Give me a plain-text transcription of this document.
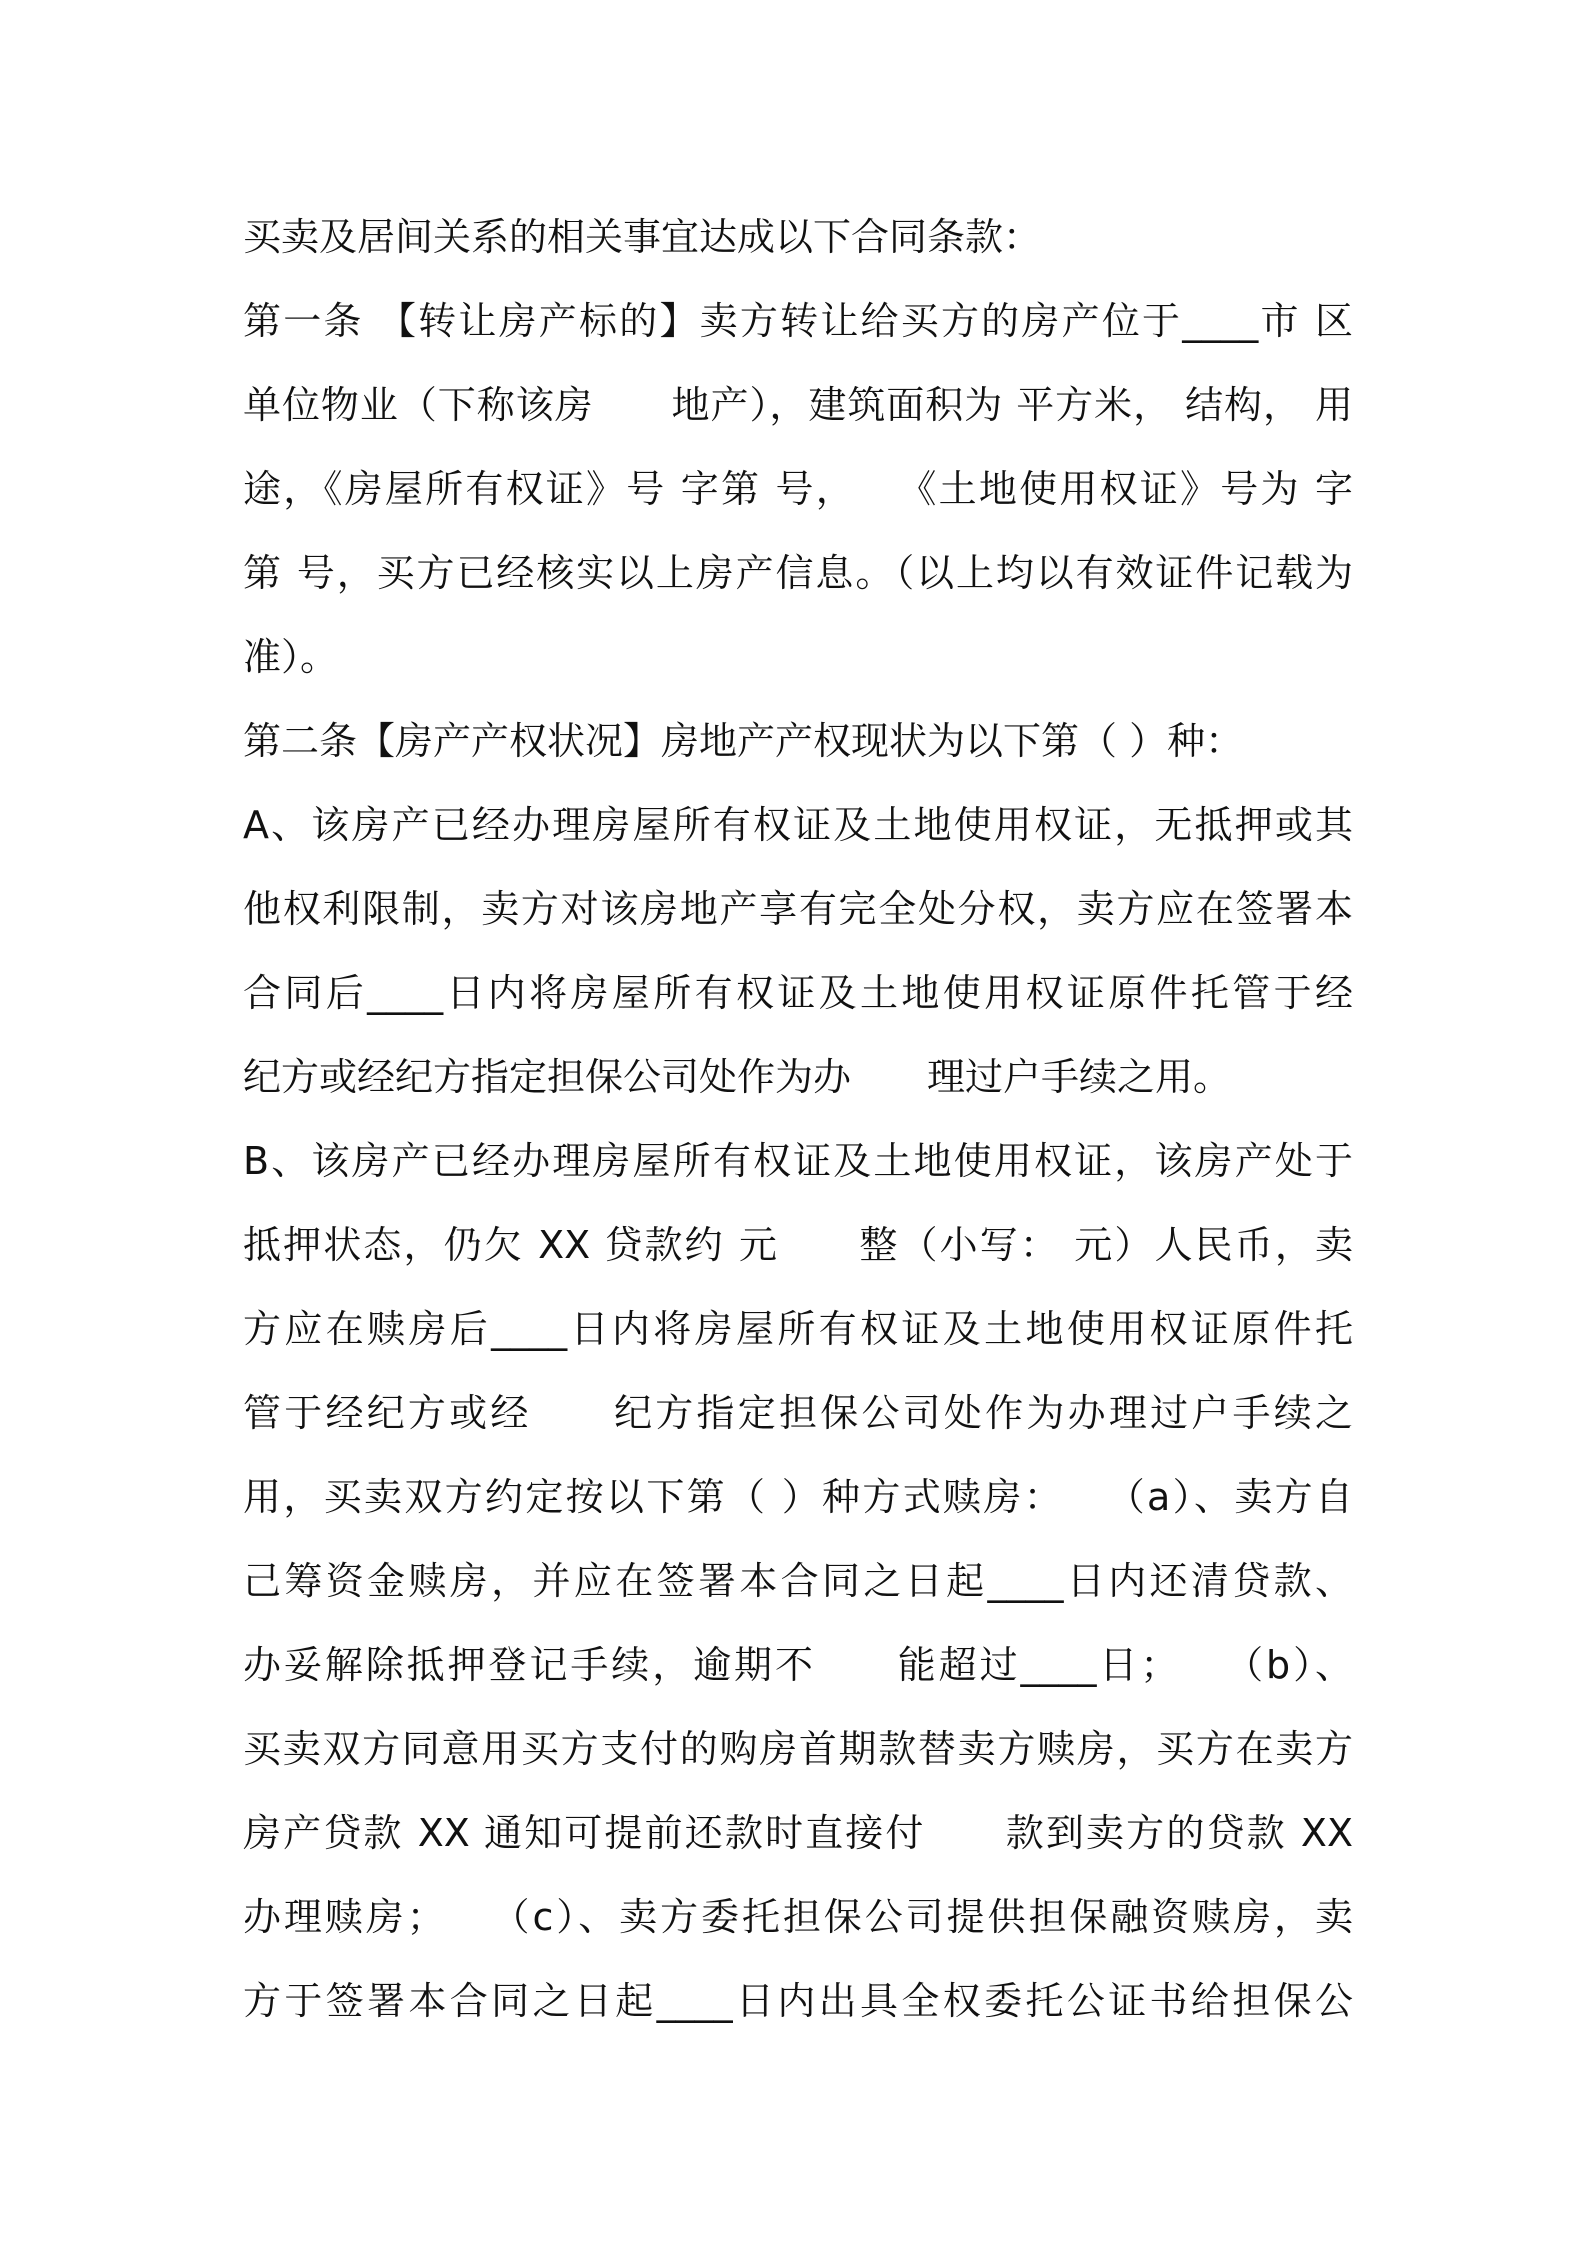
买卖及居间关系的相关事宜达成以下合同条款：
第一条 【转让房产标的】卖方转让给买方的房产位于____市 区
单位物业（下称该房　　地产），建筑面积为 平方米， 结构， 用
途，《房屋所有权证》号 字第 号，　　《土地使用权证》号为 字
第 号，买方已经核实以上房产信息。（以上均以有效证件记载为
准）。
第二条【房产产权状况】房地产产权现状为以下第（ ）种：
A、该房产已经办理房屋所有权证及土地使用权证，无抵押或其
他权利限制，卖方对该房地产享有完全处分权，卖方应在签署本
合同后____日内将房屋所有权证及土地使用权证原件托管于经
纪方或经纪方指定担保公司处作为办　　理过户手续之用。
B、该房产已经办理房屋所有权证及土地使用权证，该房产处于
抵押状态，仍欠 XX 贷款约 元　　整（小写： 元）人民币，卖
方应在赎房后____日内将房屋所有权证及土地使用权证原件托
管于经纪方或经　　纪方指定担保公司处作为办理过户手续之
用，买卖双方约定按以下第（ ）种方式赎房：　　（a）、卖方自
己筹资金赎房，并应在签署本合同之日起____日内还清贷款、
办妥解除抵押登记手续，逾期不　　能超过____日；　　（b）、
买卖双方同意用买方支付的购房首期款替卖方赎房，买方在卖方
房产贷款 XX 通知可提前还款时直接付　　款到卖方的贷款 XX
办理赎房；　　（c）、卖方委托担保公司提供担保融资赎房，卖
方于签署本合同之日起____日内出具全权委托公证书给担保公
